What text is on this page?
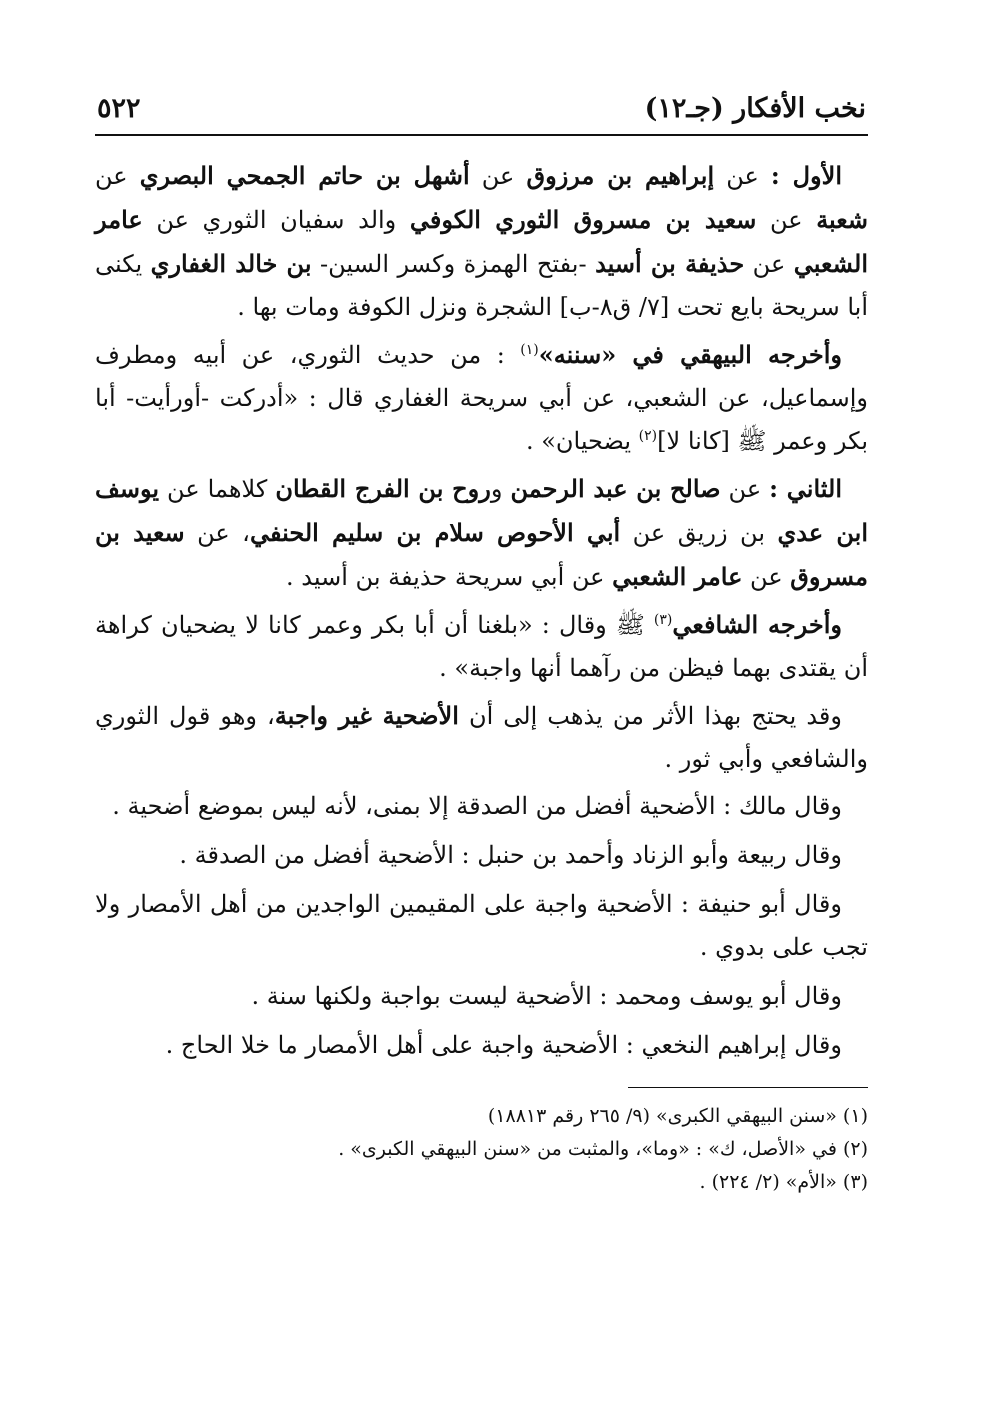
نخب الأفكار (جـ١٢)
٥٢٢

الأول : عن إبراهيم بن مرزوق عن أشهل بن حاتم الجمحي البصري عن شعبة عن سعيد بن مسروق الثوري الكوفي والد سفيان الثوري عن عامر الشعبي عن حذيفة بن أسيد -بفتح الهمزة وكسر السين- بن خالد الغفاري يكنى أبا سريحة بايع تحت [٧/ ق٨-ب] الشجرة ونزل الكوفة ومات بها .

وأخرجه البيهقي في «سننه»$^{(١)}$ : من حديث الثوري، عن أبيه ومطرف وإسماعيل، عن الشعبي، عن أبي سريحة الغفاري قال : «أدركت -أورأيت- أبا بكر وعمر ﷺ [كانا لا]$^{(٢)}$ يضحيان» .

الثاني : عن صالح بن عبد الرحمن وروح بن الفرج القطان كلاهما عن يوسف ابن عدي بن زريق عن أبي الأحوص سلام بن سليم الحنفي، عن سعيد بن مسروق عن عامر الشعبي عن أبي سريحة حذيفة بن أسيد .

وأخرجه الشافعي$^{(٣)}$ ﷺ وقال : «بلغنا أن أبا بكر وعمر كانا لا يضحيان كراهة أن يقتدى بهما فيظن من رآهما أنها واجبة» .

وقد يحتج بهذا الأثر من يذهب إلى أن الأضحية غير واجبة، وهو قول الثوري والشافعي وأبي ثور .

وقال مالك : الأضحية أفضل من الصدقة إلا بمنى، لأنه ليس بموضع أضحية .

وقال ربيعة وأبو الزناد وأحمد بن حنبل : الأضحية أفضل من الصدقة .

وقال أبو حنيفة : الأضحية واجبة على المقيمين الواجدين من أهل الأمصار ولا تجب على بدوي .

وقال أبو يوسف ومحمد : الأضحية ليست بواجبة ولكنها سنة .

وقال إبراهيم النخعي : الأضحية واجبة على أهل الأمصار ما خلا الحاج .

(١) «سنن البيهقي الكبرى» (٩/ ٢٦٥ رقم ١٨٨١٣)
(٢) في «الأصل، ك» : «وما»، والمثبت من «سنن البيهقي الكبرى» .
(٣) «الأم» (٢/ ٢٢٤) .
